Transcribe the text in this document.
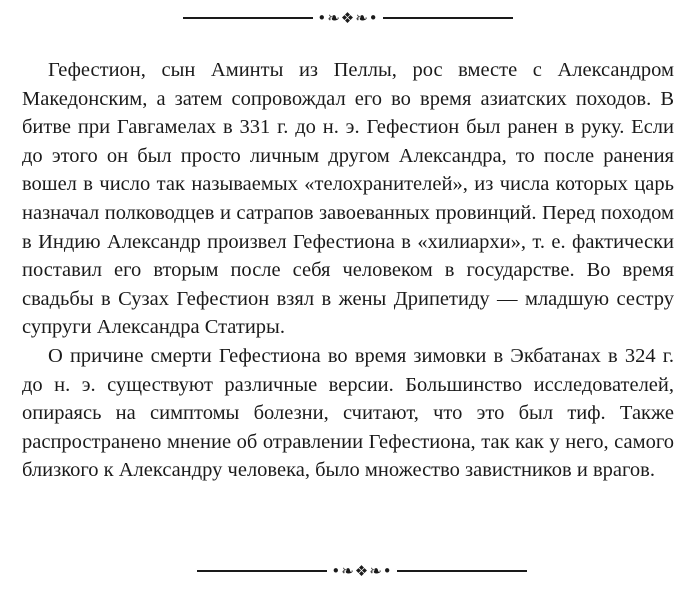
•❧❖❧•

Гефестион, сын Аминты из Пеллы, рос вместе с Александром Македонским, а затем сопровождал его во время азиатских походов. В битве при Гавгамелах в 331 г. до н. э. Гефестион был ранен в руку. Если до этого он был просто личным другом Александра, то после ранения вошел в число так называемых «телохранителей», из числа которых царь назначал полководцев и сатрапов завоеванных провинций. Перед походом в Индию Александр произвел Гефестиона в «хилиархи», т. е. фактически поставил его вторым после себя человеком в государстве. Во время свадьбы в Сузах Гефестион взял в жены Дрипетиду — младшую сестру супруги Александра Статиры.

О причине смерти Гефестиона во время зимовки в Экбатанах в 324 г. до н. э. существуют различные версии. Большинство исследователей, опираясь на симптомы болезни, считают, что это был тиф. Также распространено мнение об отравлении Гефестиона, так как у него, самого близкого к Александру человека, было множество завистников и врагов.

•❧❖❧•
